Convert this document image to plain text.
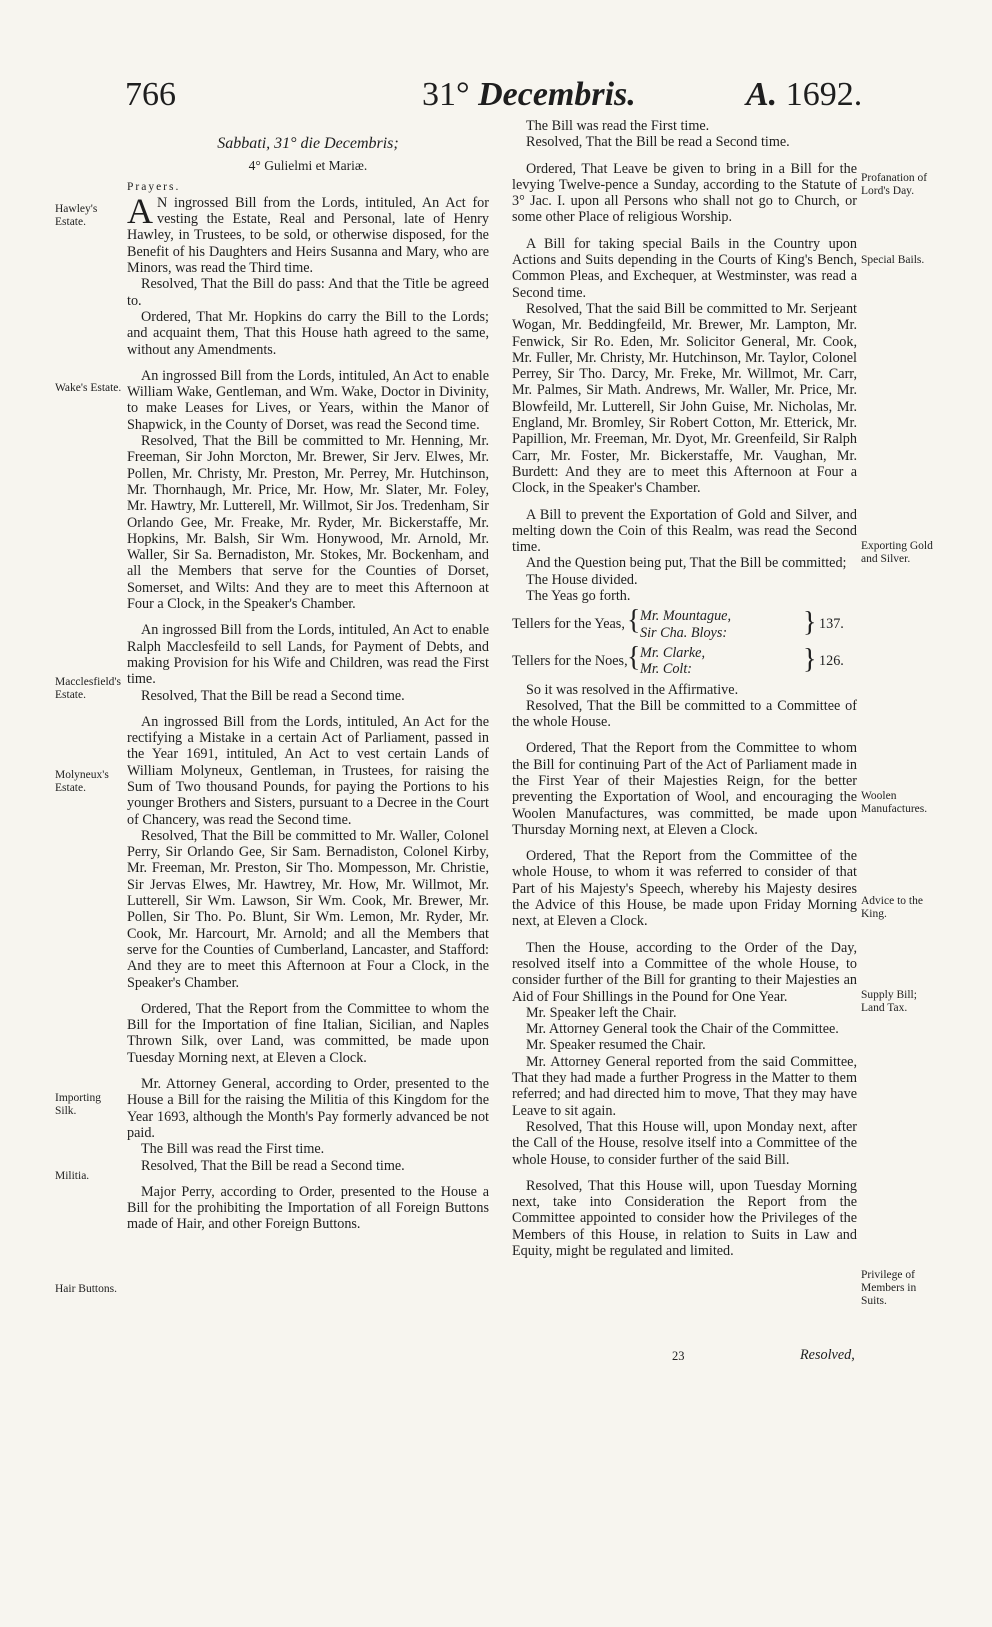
766	31° Decembris.	A. 1692.
Sabbati, 31° die Decembris;
4° Gulielmi et Mariæ.
Prayers.

A N ingrossed Bill from the Lords, intituled, An Act for vesting the Estate, Real and Personal, late of Henry Hawley, in Trustees, to be sold, or otherwise disposed, for the Benefit of his Daughters and Heirs Susanna and Mary, who are Minors, was read the Third time.

Resolved, That the Bill do pass: And that the Title be agreed to.

Ordered, That Mr. Hopkins do carry the Bill to the Lords; and acquaint them, That this House hath agreed to the same, without any Amendments.

An ingrossed Bill from the Lords, intituled, An Act to enable William Wake, Gentleman, and Wm. Wake, Doctor in Divinity, to make Leases for Lives, or Years, within the Manor of Shapwick, in the County of Dorset, was read the Second time.

Resolved, That the Bill be committed to Mr. Henning, Mr. Freeman, Sir John Morcton, Mr. Brewer, Sir Jerv. Elwes, Mr. Pollen, Mr. Christy, Mr. Preston, Mr. Perrey, Mr. Hutchinson, Mr. Thornhaugh, Mr. Price, Mr. How, Mr. Slater, Mr. Foley, Mr. Hawtry, Mr. Lutterell, Mr. Willmot, Sir Jos. Tredenham, Sir Orlando Gee, Mr. Freake, Mr. Ryder, Mr. Bickerstaffe, Mr. Hopkins, Mr. Balsh, Sir Wm. Honywood, Mr. Arnold, Mr. Waller, Sir Sa. Bernadiston, Mr. Stokes, Mr. Bockenham, and all the Members that serve for the Counties of Dorset, Somerset, and Wilts: And they are to meet this Afternoon at Four a Clock, in the Speaker's Chamber.

An ingrossed Bill from the Lords, intituled, An Act to enable Ralph Macclesfeild to sell Lands, for Payment of Debts, and making Provision for his Wife and Children, was read the First time.

Resolved, That the Bill be read a Second time.

An ingrossed Bill from the Lords, intituled, An Act for the rectifying a Mistake in a certain Act of Parliament, passed in the Year 1691, intituled, An Act to vest certain Lands of William Molyneux, Gentleman, in Trustees, for raising the Sum of Two thousand Pounds, for paying the Portions to his younger Brothers and Sisters, pursuant to a Decree in the Court of Chancery, was read the Second time.

Resolved, That the Bill be committed to Mr. Waller, Colonel Perry, Sir Orlando Gee, Sir Sam. Bernadiston, Colonel Kirby, Mr. Freeman, Mr. Preston, Sir Tho. Mompesson, Mr. Christie, Sir Jervas Elwes, Mr. Hawtrey, Mr. How, Mr. Willmot, Mr. Lutterell, Sir Wm. Lawson, Sir Wm. Cook, Mr. Brewer, Mr. Pollen, Sir Tho. Po. Blunt, Sir Wm. Lemon, Mr. Ryder, Mr. Cook, Mr. Harcourt, Mr. Arnold; and all the Members that serve for the Counties of Cumberland, Lancaster, and Stafford: And they are to meet this Afternoon at Four a Clock, in the Speaker's Chamber.

Ordered, That the Report from the Committee to whom the Bill for the Importation of fine Italian, Sicilian, and Naples Thrown Silk, over Land, was committed, be made upon Tuesday Morning next, at Eleven a Clock.

Mr. Attorney General, according to Order, presented to the House a Bill for the raising the Militia of this Kingdom for the Year 1693, although the Month's Pay formerly advanced be not paid.

The Bill was read the First time.

Resolved, That the Bill be read a Second time.

Major Perry, according to Order, presented to the House a Bill for the prohibiting the Importation of all Foreign Buttons made of Hair, and other Foreign Buttons.

The Bill was read the First time.

Resolved, That the Bill be read a Second time.

Ordered, That Leave be given to bring in a Bill for the levying Twelve-pence a Sunday, according to the Statute of 3° Jac. I. upon all Persons who shall not go to Church, or some other Place of religious Worship.

A Bill for taking special Bails in the Country upon Actions and Suits depending in the Courts of King's Bench, Common Pleas, and Exchequer, at Westminster, was read a Second time.

Resolved, That the said Bill be committed to Mr. Serjeant Wogan, Mr. Beddingfeild, Mr. Brewer, Mr. Lampton, Mr. Fenwick, Sir Ro. Eden, Mr. Solicitor General, Mr. Cook, Mr. Fuller, Mr. Christy, Mr. Hutchinson, Mr. Taylor, Colonel Perrey, Sir Tho. Darcy, Mr. Freke, Mr. Willmot, Mr. Carr, Mr. Palmes, Sir Math. Andrews, Mr. Waller, Mr. Price, Mr. Blowfeild, Mr. Lutterell, Sir John Guise, Mr. Nicholas, Mr. England, Mr. Bromley, Sir Robert Cotton, Mr. Etterick, Mr. Papillion, Mr. Freeman, Mr. Dyot, Mr. Greenfeild, Sir Ralph Carr, Mr. Foster, Mr. Bickerstaffe, Mr. Vaughan, Mr. Burdett: And they are to meet this Afternoon at Four a Clock, in the Speaker's Chamber.

A Bill to prevent the Exportation of Gold and Silver, and melting down the Coin of this Realm, was read the Second time.

And the Question being put, That the Bill be committed;

The House divided.

The Yeas go forth.

Tellers for the Yeas,
{ Mr. Mountague,
Sir Cha. Bloys:
} 137.
Tellers for the Noes,
{ Mr. Clarke,
Mr. Colt:
} 126.

So it was resolved in the Affirmative.

Resolved, That the Bill be committed to a Committee of the whole House.

Ordered, That the Report from the Committee to whom the Bill for continuing Part of the Act of Parliament made in the First Year of their Majesties Reign, for the better preventing the Exportation of Wool, and encouraging the Woolen Manufactures, was committed, be made upon Thursday Morning next, at Eleven a Clock.

Ordered, That the Report from the Committee of the whole House, to whom it was referred to consider of that Part of his Majesty's Speech, whereby his Majesty desires the Advice of this House, be made upon Friday Morning next, at Eleven a Clock.

Then the House, according to the Order of the Day, resolved itself into a Committee of the whole House, to consider further of the Bill for granting to their Majesties an Aid of Four Shillings in the Pound for One Year.

Mr. Speaker left the Chair.

Mr. Attorney General took the Chair of the Committee.

Mr. Speaker resumed the Chair.

Mr. Attorney General reported from the said Committee, That they had made a further Progress in the Matter to them referred; and had directed him to move, That they may have Leave to sit again.

Resolved, That this House will, upon Monday next, after the Call of the House, resolve itself into a Committee of the whole House, to consider further of the said Bill.

Resolved, That this House will, upon Tuesday Morning next, take into Consideration the Report from the Committee appointed to consider how the Privileges of the Members of this House, in relation to Suits in Law and Equity, might be regulated and limited.

23	Resolved,
Hawley's Estate.
Wake's Estate.
Macclesfield's Estate.
Molyneux's Estate.
Importing Silk.
Militia.
Hair Buttons.
Profanation of Lord's Day.
Special Bails.
Exporting Gold and Silver.
Woolen Manufactures.
Advice to the King.
Supply Bill; Land Tax.
Privilege of Members in Suits.
